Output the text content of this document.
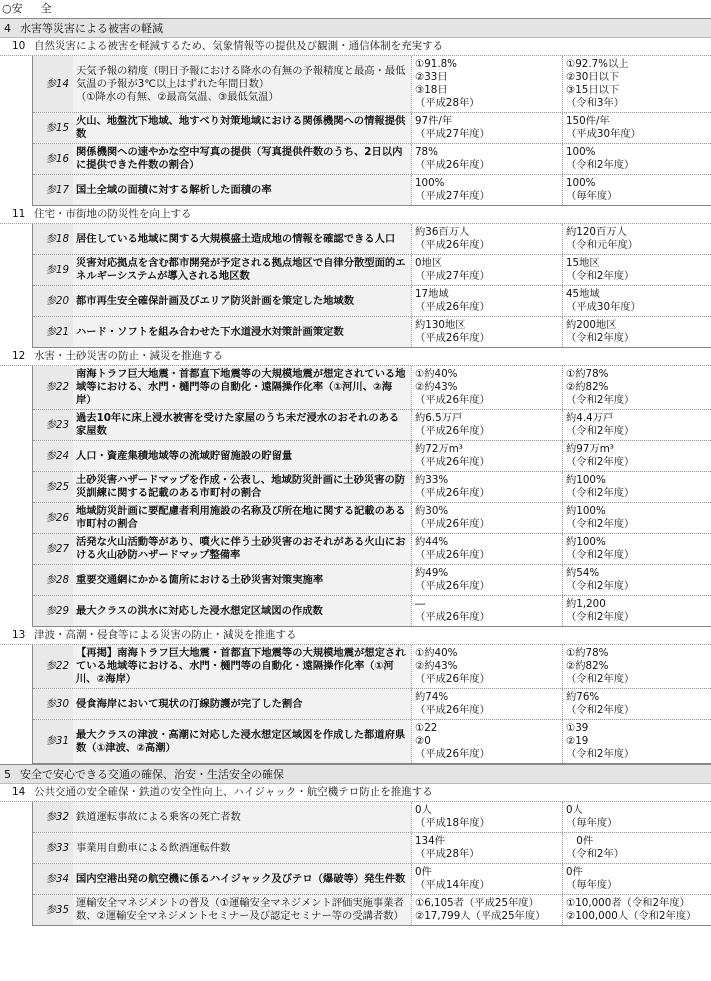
○安 全
4 水害等災害による被害の軽減
10 自然災害による被害を軽減するため、気象情報等の提供及び観測・通信体制を充実する
参14
天気予報の精度（明日予報における降水の有無の予報精度と最高・最低気温の予報が3℃以上はずれた年間日数）
（①降水の有無、②最高気温、③最低気温）
①91.8%
②33日
③18日
（平成28年）
①92.7%以上
②30日以下
③15日以下
（令和3年）
参15
火山、地盤沈下地域、地すべり対策地域における関係機関への情報提供数
97件/年
（平成27年度）
150件/年
（平成30年度）
参16
関係機関への速やかな空中写真の提供（写真提供件数のうち、2日以内に提供できた件数の割合）
78%
（平成26年度）
100%
（令和2年度）
参17 国土全域の面積に対する解析した面積の率
100%
（平成27年度）
100%
（毎年度）
11 住宅・市街地の防災性を向上する
参18 居住している地域に関する大規模盛土造成地の情報を確認できる人口
約36百万人
（平成26年度）
約120百万人
（令和元年度）
参19
災害対応拠点を含む都市開発が予定される拠点地区で自律分散型面的エネルギーシステムが導入される地区数
0地区
（平成27年度）
15地区
（令和2年度）
参20 都市再生安全確保計画及びエリア防災計画を策定した地域数
17地域
（平成26年度）
45地域
（平成30年度）
参21 ハード・ソフトを組み合わせた下水道浸水対策計画策定数
約130地区
（平成26年度）
約200地区
（令和2年度）
12 水害・土砂災害の防止・減災を推進する
参22
南海トラフ巨大地震・首都直下地震等の大規模地震が想定されている地域等における、水門・樋門等の自動化・遠隔操作化率（①河川、②海岸）
①約40%
②約43%
（平成26年度）
①約78%
②約82%
（令和2年度）
参23
過去10年に床上浸水被害を受けた家屋のうち未だ浸水のおそれのある家屋数
約6.5万戸
（平成26年度）
約4.4万戸
（令和2年度）
参24 人口・資産集積地域等の流域貯留施設の貯留量
約72万m³
（平成26年度）
約97万m³
（令和2年度）
参25
土砂災害ハザードマップを作成・公表し、地域防災計画に土砂災害の防災訓練に関する記載のある市町村の割合
約33%
（平成26年度）
約100%
（令和2年度）
参26
地域防災計画に要配慮者利用施設の名称及び所在地に関する記載のある市町村の割合
約30%
（平成26年度）
約100%
（令和2年度）
参27
活発な火山活動等があり、噴火に伴う土砂災害のおそれがある火山における火山砂防ハザードマップ整備率
約44%
（平成26年度）
約100%
（令和2年度）
参28 重要交通網にかかる箇所における土砂災害対策実施率
約49%
（平成26年度）
約54%
（令和2年度）
参29 最大クラスの洪水に対応した浸水想定区域図の作成数
―
（平成26年度）
約1,200
（令和2年度）
13 津波・高潮・侵食等による災害の防止・減災を推進する
参22
【再掲】南海トラフ巨大地震・首都直下地震等の大規模地震が想定されている地域等における、水門・樋門等の自動化・遠隔操作化率（①河川、②海岸）
①約40%
②約43%
（平成26年度）
①約78%
②約82%
（令和2年度）
参30 侵食海岸において現状の汀線防護が完了した割合
約74%
（平成26年度）
約76%
（令和2年度）
参31
最大クラスの津波・高潮に対応した浸水想定区域図を作成した都道府県数（①津波、②高潮）
①22
②0
（平成26年度）
①39
②19
（令和2年度）
5 安全で安心できる交通の確保、治安・生活安全の確保
14 公共交通の安全確保・鉄道の安全性向上、ハイジャック・航空機テロ防止を推進する
参32 鉄道運転事故による乗客の死亡者数
0人
（平成18年度）
0人
（毎年度）
参33 事業用自動車による飲酒運転件数
134件
（平成28年）
　0件
（令和2年）
参34 国内空港出発の航空機に係るハイジャック及びテロ（爆破等）発生件数
0件
（平成14年度）
0件
（毎年度）
参35
運輸安全マネジメントの普及（①運輸安全マネジメント評価実施事業者数、②運輸安全マネジメントセミナー及び認定セミナー等の受講者数）
①6,105者（平成25年度）
②17,799人（平成25年度）
①10,000者（令和2年度）
②100,000人（令和2年度）
